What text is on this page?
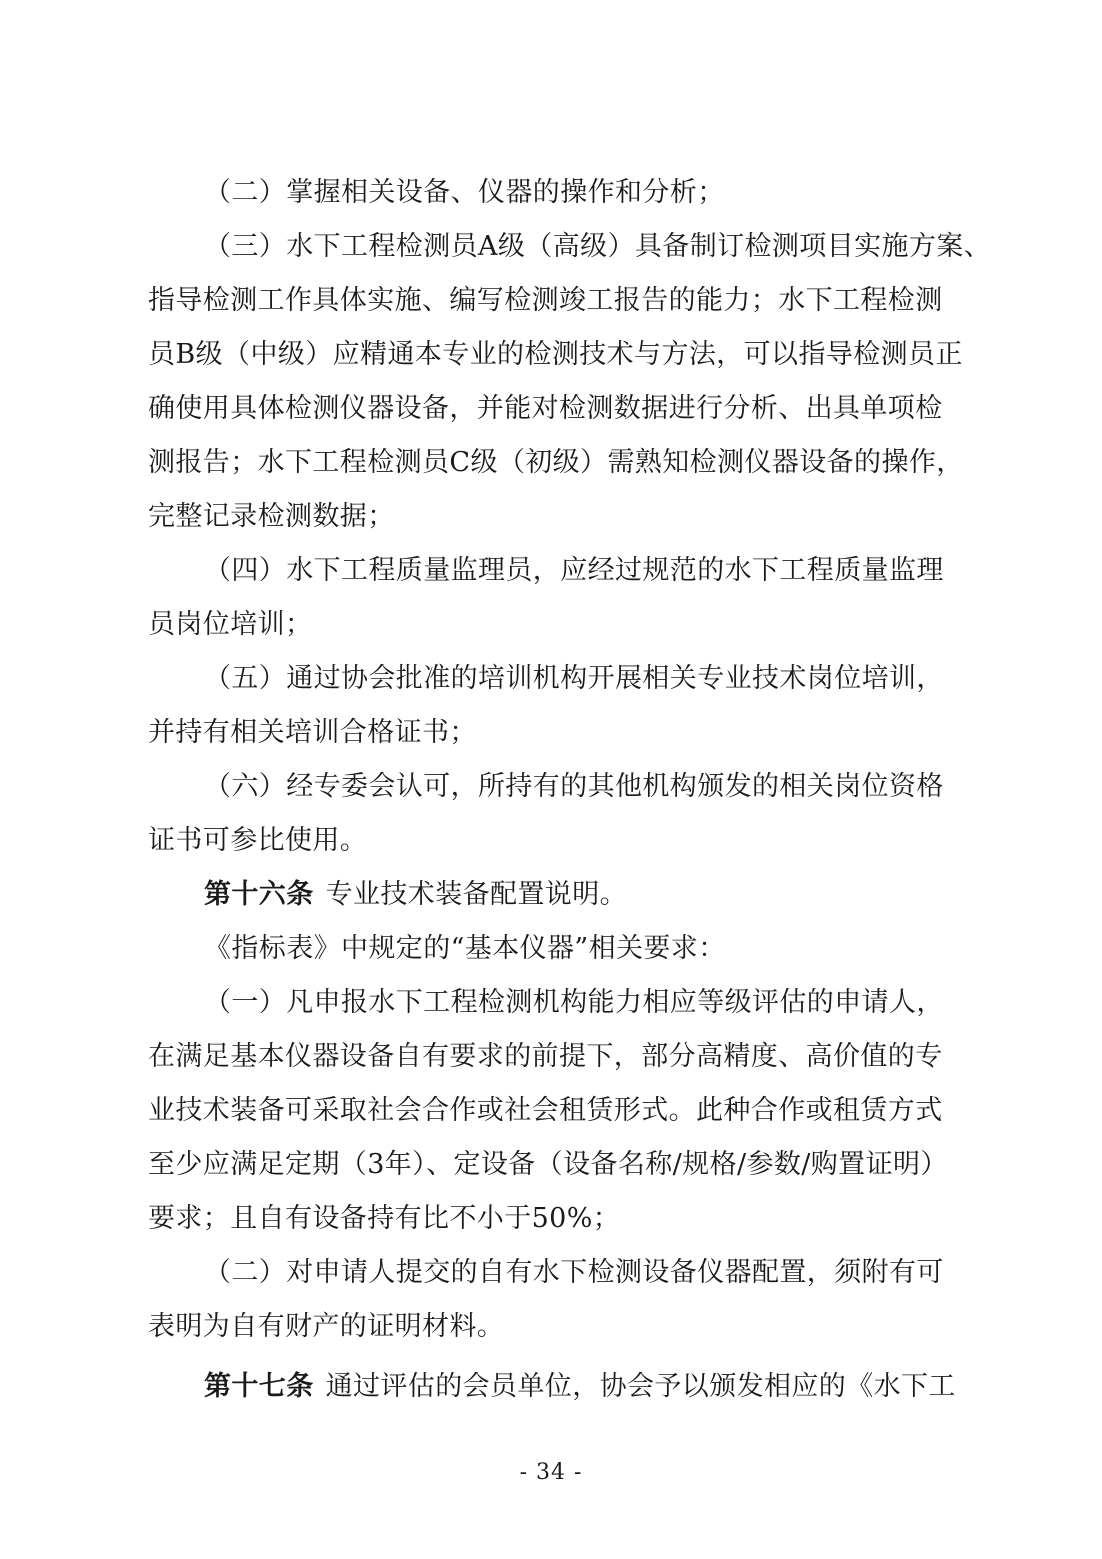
（二）掌握相关设备、仪器的操作和分析；
（三）水下工程检测员A级（高级）具备制订检测项目实施方案、
指导检测工作具体实施、编写检测竣工报告的能力；水下工程检测
员B级（中级）应精通本专业的检测技术与方法，可以指导检测员正
确使用具体检测仪器设备，并能对检测数据进行分析、出具单项检
测报告；水下工程检测员C级（初级）需熟知检测仪器设备的操作，
完整记录检测数据；
（四）水下工程质量监理员，应经过规范的水下工程质量监理
员岗位培训；
（五）通过协会批准的培训机构开展相关专业技术岗位培训，
并持有相关培训合格证书；
（六）经专委会认可，所持有的其他机构颁发的相关岗位资格
证书可参比使用。
第十六条 专业技术装备配置说明。
《指标表》中规定的“基本仪器”相关要求：
（一）凡申报水下工程检测机构能力相应等级评估的申请人，
在满足基本仪器设备自有要求的前提下，部分高精度、高价值的专
业技术装备可采取社会合作或社会租赁形式。此种合作或租赁方式
至少应满足定期（3年）、定设备（设备名称/规格/参数/购置证明）
要求；且自有设备持有比不小于50%；
（二）对申请人提交的自有水下检测设备仪器配置，须附有可
表明为自有财产的证明材料。
第十七条 通过评估的会员单位，协会予以颁发相应的《水下工
- 34 -
